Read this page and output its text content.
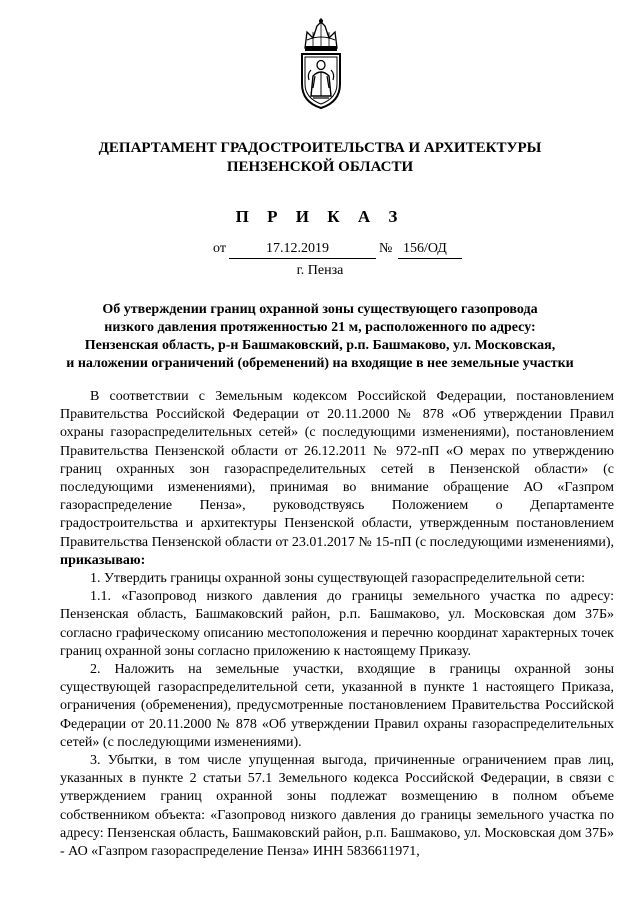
ДЕПАРТАМЕНТ ГРАДОСТРОИТЕЛЬСТВА И АРХИТЕКТУРЫ
ПЕНЗЕНСКОЙ ОБЛАСТИ
П Р И К А З
от	17.12.2019	№ 156/ОД
г. Пенза
Об утверждении границ охранной зоны существующего газопровода
низкого давления протяженностью 21 м, расположенного по адресу:
Пензенская область, р-н Башмаковский, р.п. Башмаково, ул. Московская,
и наложении ограничений (обременений) на входящие в нее земельные участки

В соответствии с Земельным кодексом Российской Федерации, постановлением Правительства Российской Федерации от 20.11.2000 № 878 «Об утверждении Правил охраны газораспределительных сетей» (с последующими изменениями), постановлением Правительства Пензенской области от 26.12.2011 № 972-пП «О мерах по утверждению границ охранных зон газораспределительных сетей в Пензенской области» (с последующими изменениями), принимая во внимание обращение АО «Газпром газораспределение Пенза», руководствуясь Положением о Департаменте градостроительства и архитектуры Пензенской области, утвержденным постановлением Правительства Пензенской области от 23.01.2017 № 15-пП (с последующими изменениями), приказываю:

1. Утвердить границы охранной зоны существующей газораспределительной сети:

1.1. «Газопровод низкого давления до границы земельного участка по адресу: Пензенская область, Башмаковский район, р.п. Башмаково, ул. Московская дом 37Б» согласно графическому описанию местоположения и перечню координат характерных точек границ охранной зоны согласно приложению к настоящему Приказу.

2. Наложить на земельные участки, входящие в границы охранной зоны существующей газораспределительной сети, указанной в пункте 1 настоящего Приказа, ограничения (обременения), предусмотренные постановлением Правительства Российской Федерации от 20.11.2000 № 878 «Об утверждении Правил охраны газораспределительных сетей» (с последующими изменениями).

3. Убытки, в том числе упущенная выгода, причиненные ограничением прав лиц, указанных в пункте 2 статьи 57.1 Земельного кодекса Российской Федерации, в связи с утверждением границ охранной зоны подлежат возмещению в полном объеме собственником объекта: «Газопровод низкого давления до границы земельного участка по адресу: Пензенская область, Башмаковский район, р.п. Башмаково, ул. Московская дом 37Б» - АО «Газпром газораспределение Пенза» ИНН 5836611971,
